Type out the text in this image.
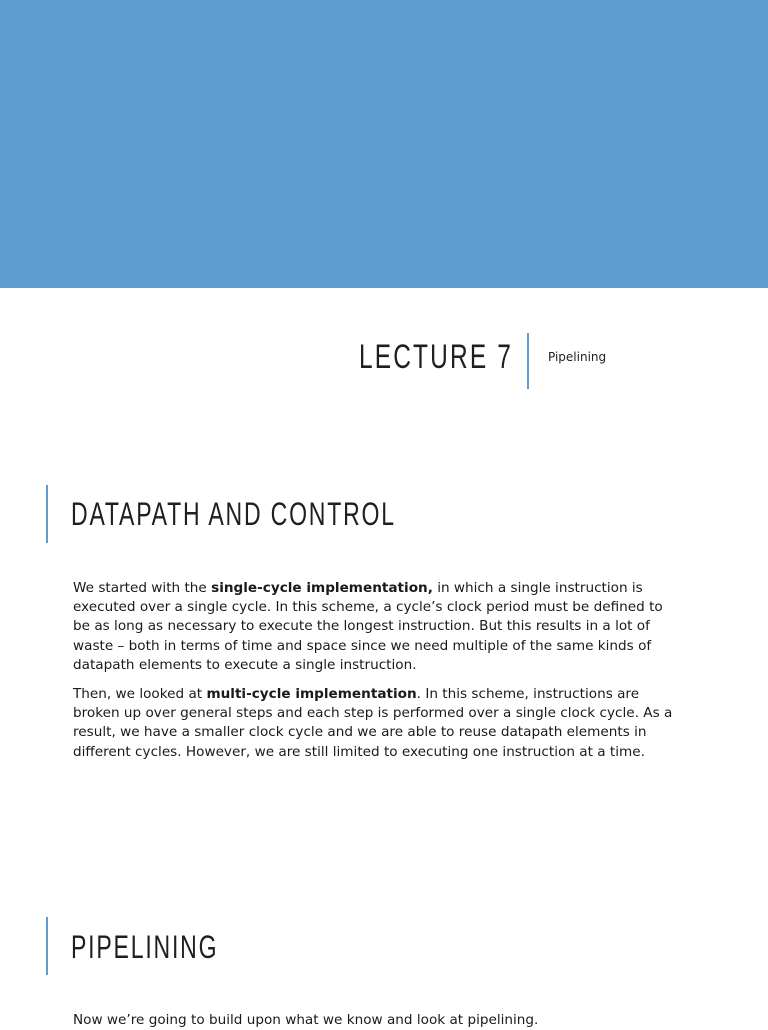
LECTURE 7	Pipelining
DATAPATH AND CONTROL

We started with the single-cycle implementation, in which a single instruction is executed over a single cycle. In this scheme, a cycle’s clock period must be defined to be as long as necessary to execute the longest instruction. But this results in a lot of waste – both in terms of time and space since we need multiple of the same kinds of datapath elements to execute a single instruction.

Then, we looked at multi-cycle implementation. In this scheme, instructions are broken up over general steps and each step is performed over a single clock cycle. As a result, we have a smaller clock cycle and we are able to reuse datapath elements in different cycles. However, we are still limited to executing one instruction at a time.

PIPELINING

Now we’re going to build upon what we know and look at pipelining.
